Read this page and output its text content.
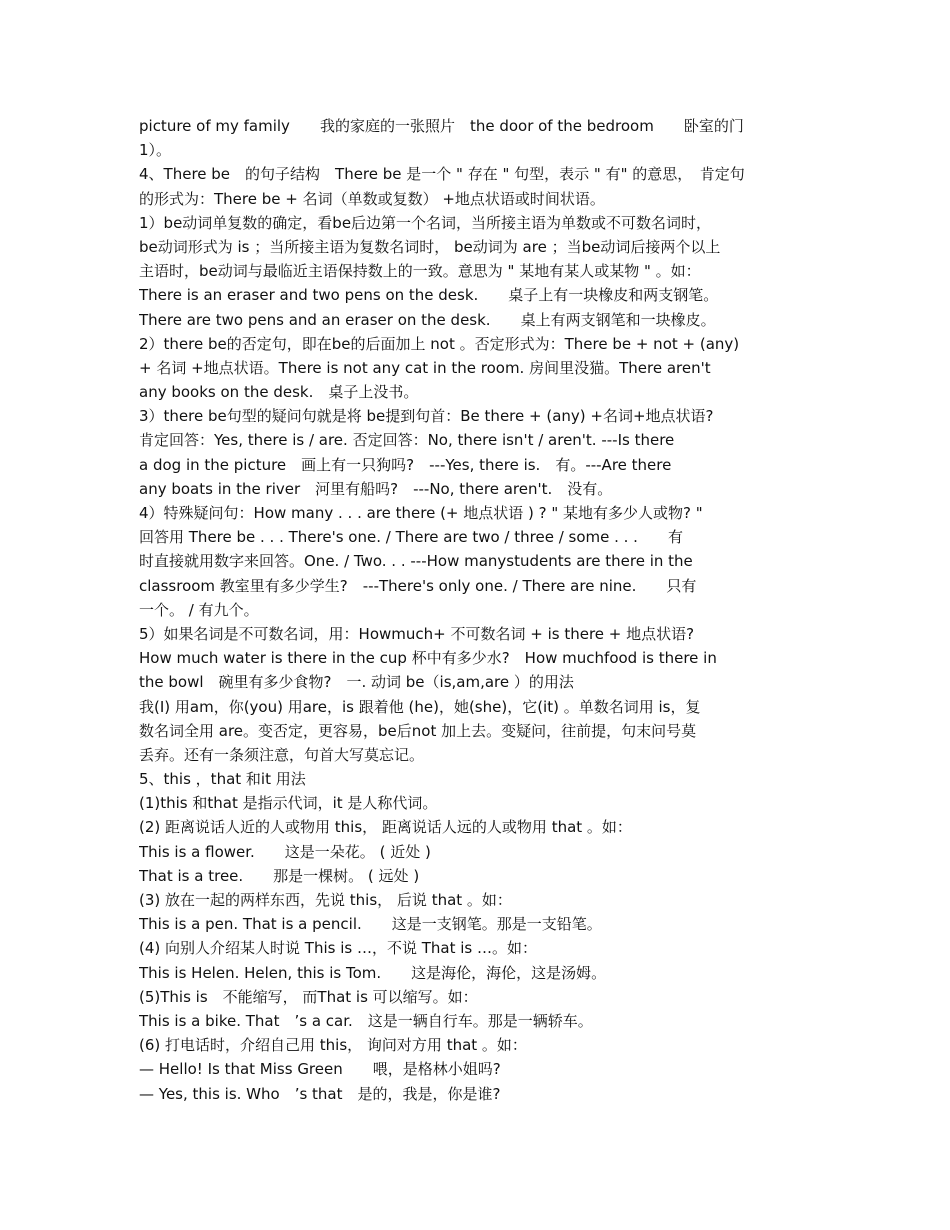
picture of my family　　我的家庭的一张照片　the door of the bedroom　　卧室的门
1）。
4、There be　的句子结构　There be 是一个 " 存在 " 句型，表示 " 有" 的意思，　肯定句
的形式为：There be + 名词（单数或复数） +地点状语或时间状语。
1）be动词单复数的确定，看be后边第一个名词，当所接主语为单数或不可数名词时，
be动词形式为 is ；当所接主语为复数名词时， be动词为 are ；当be动词后接两个以上
主语时，be动词与最临近主语保持数上的一致。意思为 " 某地有某人或某物 " 。如：
There is an eraser and two pens on the desk.　　桌子上有一块橡皮和两支钢笔。
There are two pens and an eraser on the desk.　　桌上有两支钢笔和一块橡皮。
2）there be的否定句，即在be的后面加上 not 。否定形式为：There be + not + (any)
+ 名词 +地点状语。There is not any cat in the room. 房间里没猫。There aren't
any books on the desk.　桌子上没书。
3）there be句型的疑问句就是将 be提到句首：Be there + (any) +名词+地点状语?
肯定回答：Yes, there is / are. 否定回答：No, there isn't / aren't. ---Is there
a dog in the picture　画上有一只狗吗?　---Yes, there is.　有。---Are there
any boats in the river　河里有船吗?　---No, there aren't.　没有。
4）特殊疑问句：How many . . . are there (+ 地点状语 ) ? " 某地有多少人或物? "
回答用 There be . . . There's one. / There are two / three / some . . .　　有
时直接就用数字来回答。One. / Two. . . ---How manystudents are there in the
classroom 教室里有多少学生?　---There's only one. / There are nine.　　只有
一个。 / 有九个。
5）如果名词是不可数名词，用：Howmuch+ 不可数名词 + is there + 地点状语?
How much water is there in the cup 杯中有多少水?　How muchfood is there in
the bowl　碗里有多少食物?　一. 动词 be（is,am,are ）的用法
我(I) 用am，你(you) 用are，is 跟着他 (he)，她(she)，它(it) 。单数名词用 is，复
数名词全用 are。变否定，更容易，be后not 加上去。变疑问，往前提，句末问号莫
丢弃。还有一条须注意，句首大写莫忘记。
5、this ，that 和it 用法
(1)this 和that 是指示代词，it 是人称代词。
(2) 距离说话人近的人或物用 this， 距离说话人远的人或物用 that 。如：
This is a flower.　　这是一朵花。 ( 近处 )
That is a tree.　　那是一棵树。 ( 远处 )
(3) 放在一起的两样东西，先说 this， 后说 that 。如：
This is a pen. That is a pencil.　　这是一支钢笔。那是一支铅笔。
(4) 向别人介绍某人时说 This is …，不说 That is …。如：
This is Helen. Helen, this is Tom.　　这是海伦，海伦，这是汤姆。
(5)This is　不能缩写， 而That is 可以缩写。如：
This is a bike. That　’s a car.　这是一辆自行车。那是一辆轿车。
(6) 打电话时，介绍自己用 this， 询问对方用 that 。如：
— Hello! Is that Miss Green　　喂，是格林小姐吗?
— Yes, this is. Who　’s that　是的，我是，你是谁?
